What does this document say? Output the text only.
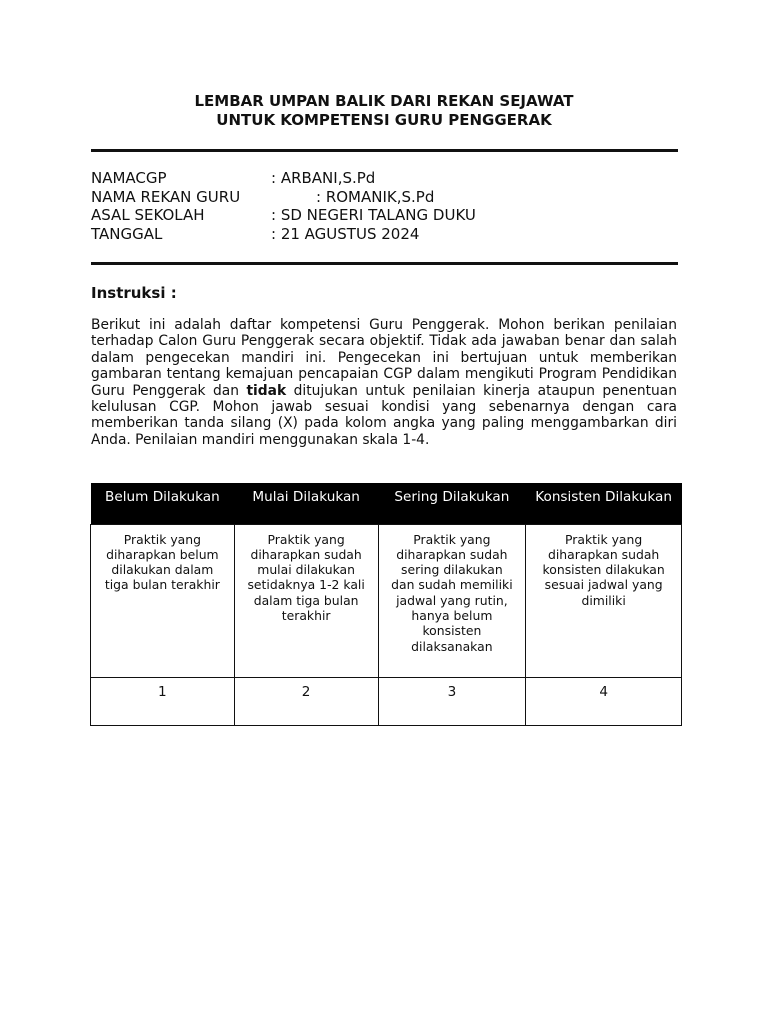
LEMBAR UMPAN BALIK DARI REKAN SEJAWAT
UNTUK KOMPETENSI GURU PENGGERAK
NAMACGP	: ARBANI,S.Pd
NAMA REKAN GURU	: ROMANIK,S.Pd
ASAL SEKOLAH	: SD NEGERI TALANG DUKU
TANGGAL	: 21 AGUSTUS 2024
Instruksi :
Berikut ini adalah daftar kompetensi Guru Penggerak. Mohon berikan penilaian terhadap Calon Guru Penggerak secara objektif. Tidak ada jawaban benar dan salah dalam pengecekan mandiri ini. Pengecekan ini bertujuan untuk memberikan gambaran tentang kemajuan pencapaian CGP dalam mengikuti Program Pendidikan Guru Penggerak dan tidak ditujukan untuk penilaian kinerja ataupun penentuan kelulusan CGP. Mohon jawab sesuai kondisi yang sebenarnya dengan cara memberikan tanda silang (X) pada kolom angka yang paling menggambarkan diri Anda. Penilaian mandiri menggunakan skala 1-4.
Belum Dilakukan	Mulai Dilakukan	Sering Dilakukan	Konsisten Dilakukan
Praktik yang diharapkan belum dilakukan dalam tiga bulan terakhir	Praktik yang diharapkan sudah mulai dilakukan setidaknya 1-2 kali dalam tiga bulan terakhir	Praktik yang diharapkan sudah sering dilakukan dan sudah memiliki jadwal yang rutin, hanya belum konsisten dilaksanakan	Praktik yang diharapkan sudah konsisten dilakukan sesuai jadwal yang dimiliki
1	2	3	4
